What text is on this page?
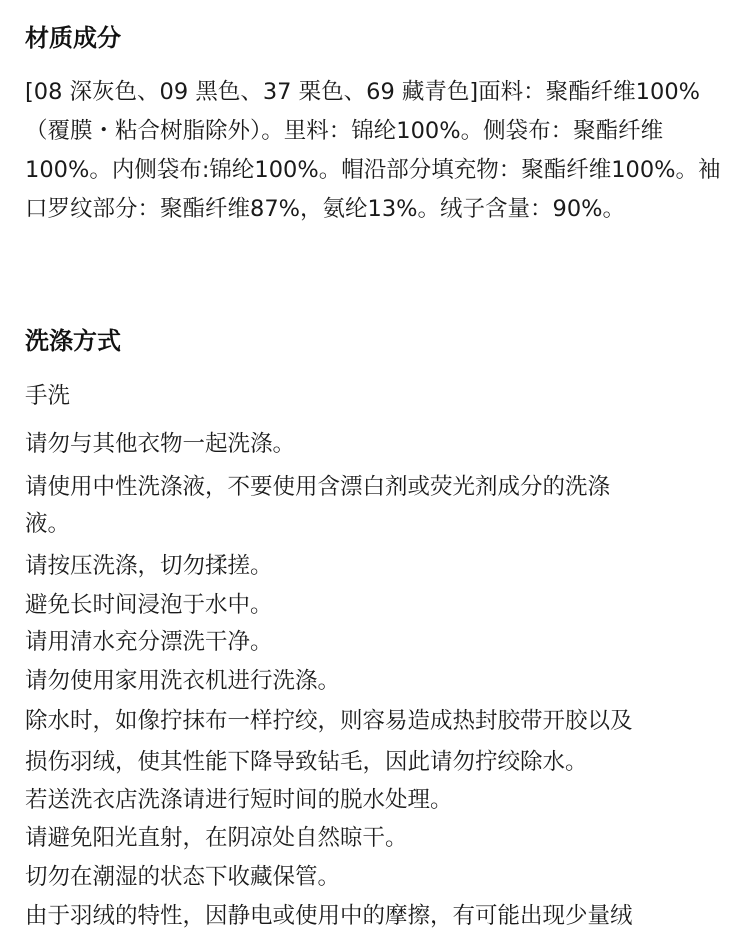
材质成分

[08 深灰色、09 黑色、37 栗色、69 藏青色]面料：聚酯纤维100%（覆膜・粘合树脂除外）。里料：锦纶100%。侧袋布：聚酯纤维100%。内侧袋布:锦纶100%。帽沿部分填充物：聚酯纤维100%。袖口罗纹部分：聚酯纤维87%，氨纶13%。绒子含量：90%。

洗涤方式

手洗

请勿与其他衣物一起洗涤。

请使用中性洗涤液，不要使用含漂白剂或荧光剂成分的洗涤

液。

请按压洗涤，切勿揉搓。

避免长时间浸泡于水中。

请用清水充分漂洗干净。

请勿使用家用洗衣机进行洗涤。

除水时，如像拧抹布一样拧绞，则容易造成热封胶带开胶以及

损伤羽绒，使其性能下降导致钻毛，因此请勿拧绞除水。

若送洗衣店洗涤请进行短时间的脱水处理。

请避免阳光直射，在阴凉处自然晾干。

切勿在潮湿的状态下收藏保管。

由于羽绒的特性，因静电或使用中的摩擦，有可能出现少量绒
